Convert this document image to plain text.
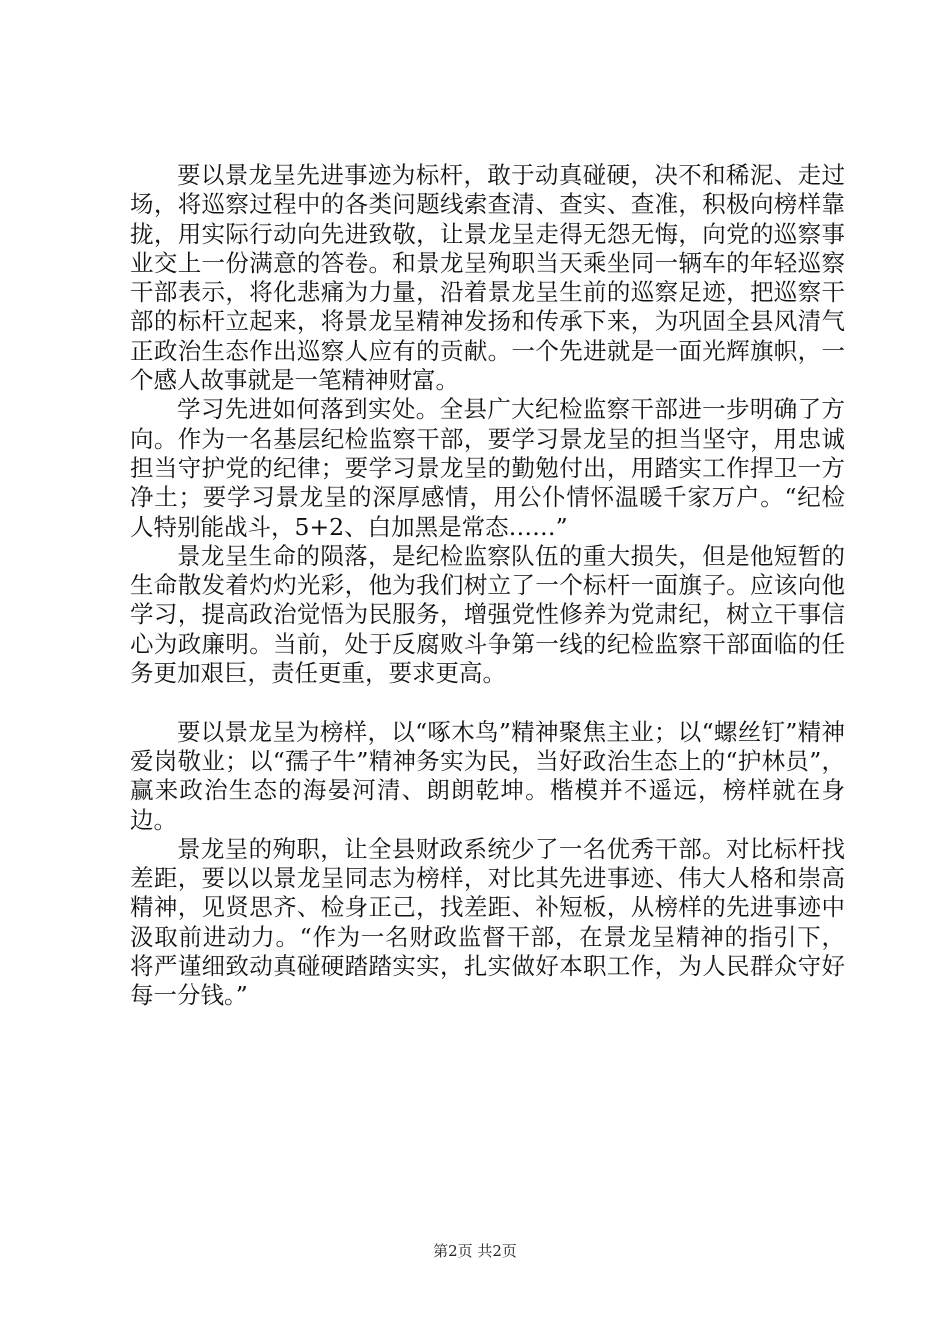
要以景龙呈先进事迹为标杆，敢于动真碰硬，决不和稀泥、走过场，将巡察过程中的各类问题线索查清、查实、查准，积极向榜样靠拢，用实际行动向先进致敬，让景龙呈走得无怨无悔，向党的巡察事业交上一份满意的答卷。和景龙呈殉职当天乘坐同一辆车的年轻巡察干部表示，将化悲痛为力量，沿着景龙呈生前的巡察足迹，把巡察干部的标杆立起来，将景龙呈精神发扬和传承下来，为巩固全县风清气正政治生态作出巡察人应有的贡献。一个先进就是一面光辉旗帜，一个感人故事就是一笔精神财富。

学习先进如何落到实处。全县广大纪检监察干部进一步明确了方向。作为一名基层纪检监察干部，要学习景龙呈的担当坚守，用忠诚担当守护党的纪律；要学习景龙呈的勤勉付出，用踏实工作捍卫一方净土；要学习景龙呈的深厚感情，用公仆情怀温暖千家万户。“纪检人特别能战斗，5+2、白加黑是常态……”

景龙呈生命的陨落，是纪检监察队伍的重大损失，但是他短暂的生命散发着灼灼光彩，他为我们树立了一个标杆一面旗子。应该向他学习，提高政治觉悟为民服务，增强党性修养为党肃纪，树立干事信心为政廉明。当前，处于反腐败斗争第一线的纪检监察干部面临的任务更加艰巨，责任更重，要求更高。

要以景龙呈为榜样，以“啄木鸟”精神聚焦主业；以“螺丝钉”精神爱岗敬业；以“孺子牛”精神务实为民，当好政治生态上的“护林员”，赢来政治生态的海晏河清、朗朗乾坤。楷模并不遥远，榜样就在身边。

景龙呈的殉职，让全县财政系统少了一名优秀干部。对比标杆找差距，要以以景龙呈同志为榜样，对比其先进事迹、伟大人格和崇高精神，见贤思齐、检身正己，找差距、补短板，从榜样的先进事迹中汲取前进动力。“作为一名财政监督干部，在景龙呈精神的指引下，将严谨细致动真碰硬踏踏实实，扎实做好本职工作，为人民群众守好每一分钱。”

第2页 共2页
